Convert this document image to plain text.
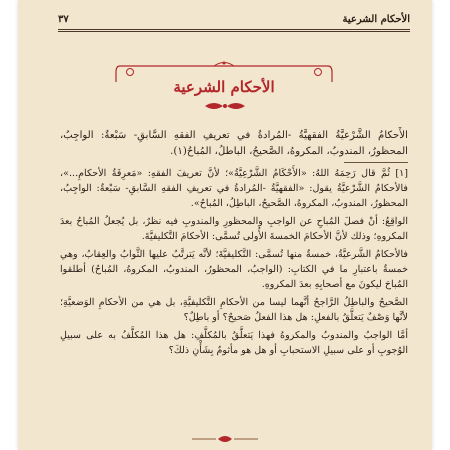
الأحكام الشرعية
٣٧
الأحكام الشرعية

الأَحكامُ الشَّرْعيَّةُ الفقهيَّةُ -المُرادةُ في تعريفِ الفقهِ السَّابقِ- سَبْعةٌ: الواجِبُ، المحظورُ، المندوبُ، المكروهُ، الصَّحيحُ، الباطلُ، المُباحُ(١).

[١] ثُمَّ قال رَحِمَهُ اللهُ: «الأَحْكَامُ الشَّرْعِيَّةُ»؛ لأنَّ تعريفَ الفقهِ: «مَعرِفَةُ الأحكامِ...»، فالأحكامُ الشَّرْعيَّةُ يقول: «الفقهيَّةُ -المُرادةُ في تعريفِ الفقهِ السَّابقِ- سَبْعةٌ: الواجِبُ، المحظورُ، المندوبُ، المكروهُ، الصَّحيحُ، الباطِلُ، المُباحُ».

الواقِعُ: أنْ فصلَ المُباحِ عن الواجبِ والمحظورِ والمندوبِ فيه نظرٌ، بل يُجعلُ المُباحُ بعدَ المكروهِ؛ وذلك لأنَّ الأحكامَ الخمسةَ الأُولى تُسمَّى: الأحكامَ التَّكليفيَّةَ.

فالأحكامُ الشَّرعيَّةُ، خمسةٌ منها تُسمَّى: التَّكليفيَّةَ؛ لأنَّه يَترتَّبُ عليها الثَّوابُ والعِقابُ، وهي خمسةٌ باعتبارِ ما في الكتابِ: (الواجبُ، المحظورُ، المندوبُ، المكروهُ، المُباحُ) أطلقوا المُباحَ ليكونَ مع أصحابِهِ بعدَ المكروهِ.

الصَّحيحُ والباطِلُ الرَّاجحُ أنَّهما ليسا من الأحكامِ التَّكليفيَّةِ، بل هي من الأحكامِ الوَضعيَّةِ؛ لأنَّها وَصْفٌ يَتعلَّقُ بالفعلِ: هل هذا الفعلُ صَحيحٌ؟ أو باطِلٌ؟

أمَّا الواجبُ والمندوبُ والمكروهُ فهذا يَتعلَّقُ بالمُكلَّفِ: هل هذا المُكلَّفُ به على سبيلِ الوُجوبِ أو على سبيلِ الاستحبابِ أو هل هو مأثومٌ بِشَأْنِ ذلكَ؟
